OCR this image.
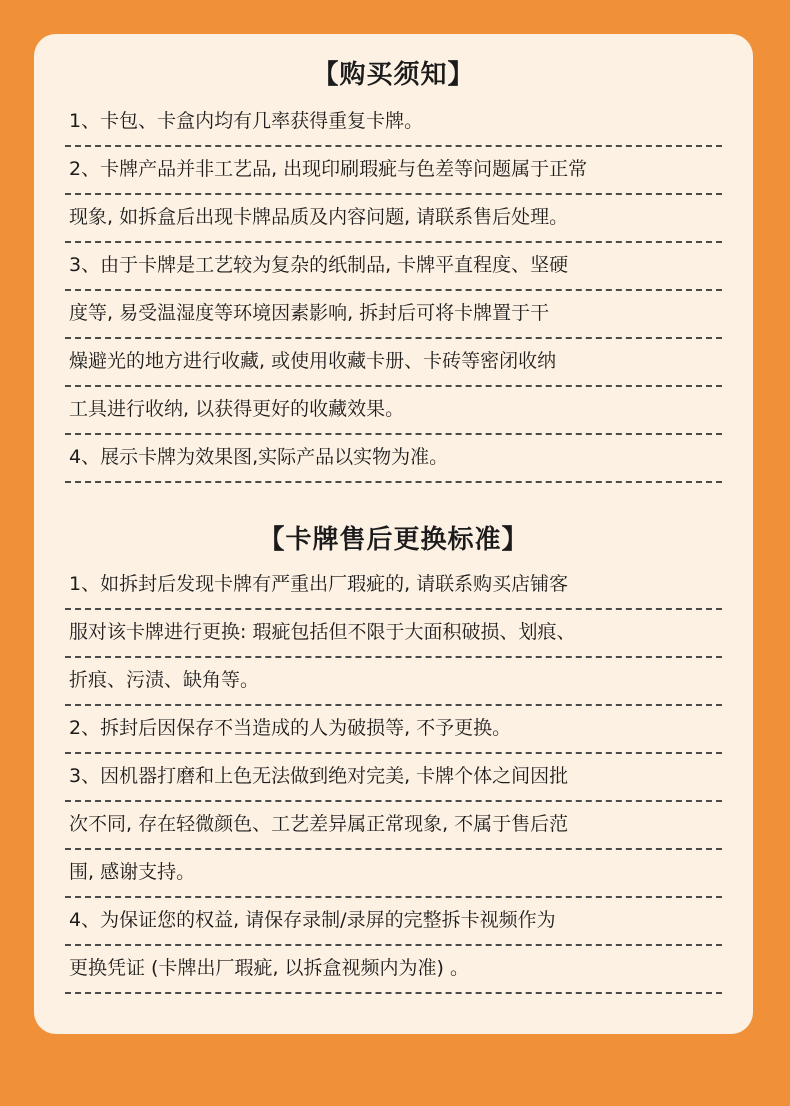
【购买须知】
1、卡包、卡盒内均有几率获得重复卡牌。
2、卡牌产品并非工艺品, 出现印刷瑕疵与色差等问题属于正常
现象, 如拆盒后出现卡牌品质及内容问题, 请联系售后处理。
3、由于卡牌是工艺较为复杂的纸制品, 卡牌平直程度、坚硬
度等, 易受温湿度等环境因素影响, 拆封后可将卡牌置于干
燥避光的地方进行收藏, 或使用收藏卡册、卡砖等密闭收纳
工具进行收纳, 以获得更好的收藏效果。
4、展示卡牌为效果图,实际产品以实物为准。
【卡牌售后更换标准】
1、如拆封后发现卡牌有严重出厂瑕疵的, 请联系购买店铺客
服对该卡牌进行更换: 瑕疵包括但不限于大面积破损、划痕、
折痕、污渍、缺角等。
2、拆封后因保存不当造成的人为破损等, 不予更换。
3、因机器打磨和上色无法做到绝对完美, 卡牌个体之间因批
次不同, 存在轻微颜色、工艺差异属正常现象, 不属于售后范
围, 感谢支持。
4、为保证您的权益, 请保存录制/录屏的完整拆卡视频作为
更换凭证 (卡牌出厂瑕疵, 以拆盒视频内为准) 。
